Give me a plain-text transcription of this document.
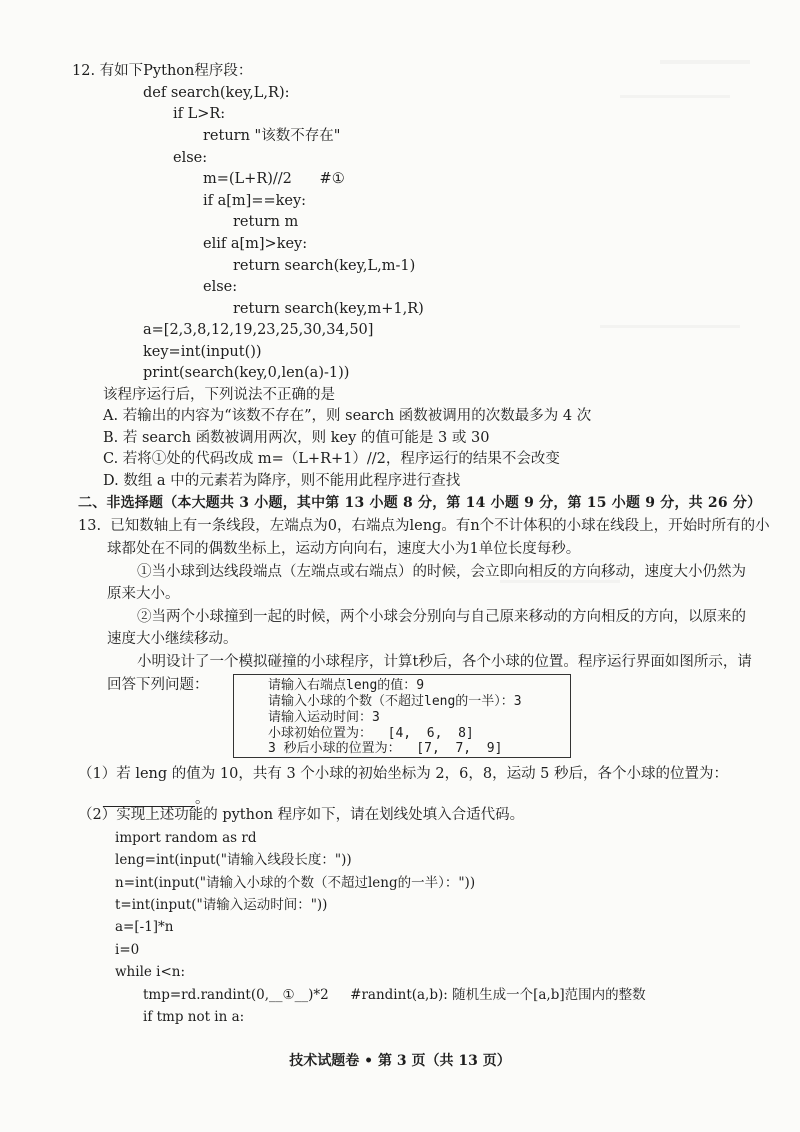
12. 有如下Python程序段：
def search(key,L,R):
if L>R:
return "该数不存在"
else:
m=(L+R)//2      #①
if a[m]==key:
return m
elif a[m]>key:
return search(key,L,m-1)
else:
return search(key,m+1,R)
a=[2,3,8,12,19,23,25,30,34,50]
key=int(input())
print(search(key,0,len(a)-1))
该程序运行后，下列说法不正确的是
A. 若输出的内容为“该数不存在”，则 search 函数被调用的次数最多为 4 次
B. 若 search 函数被调用两次，则 key 的值可能是 3 或 30
C. 若将①处的代码改成 m=（L+R+1）//2，程序运行的结果不会改变
D. 数组 a 中的元素若为降序，则不能用此程序进行查找
二、非选择题（本大题共 3 小题，其中第 13 小题 8 分，第 14 小题 9 分，第 15 小题 9 分，共 26 分）
13.  已知数轴上有一条线段，左端点为0，右端点为leng。有n个不计体积的小球在线段上，开始时所有的小
球都处在不同的偶数坐标上，运动方向向右，速度大小为1单位长度每秒。
①当小球到达线段端点（左端点或右端点）的时候，会立即向相反的方向移动，速度大小仍然为
原来大小。
②当两个小球撞到一起的时候，两个小球会分别向与自己原来移动的方向相反的方向，以原来的
速度大小继续移动。
小明设计了一个模拟碰撞的小球程序，计算t秒后，各个小球的位置。程序运行界面如图所示，请
回答下列问题：	请输入右端点leng的值：9
请输入小球的个数（不超过leng的一半）：3
请输入运动时间：3
小球初始位置为：  [4,  6,  8]
3 秒后小球的位置为：  [7,  7,  9]
（1）若 leng 的值为 10，共有 3 个小球的初始坐标为 2，6，8，运动 5 秒后，各个小球的位置为：
。
（2）实现上述功能的 python 程序如下，请在划线处填入合适代码。
import random as rd
leng=int(input("请输入线段长度："))
n=int(input("请输入小球的个数（不超过leng的一半）："))
t=int(input("请输入运动时间："))
a=[-1]*n
i=0
while i<n:
tmp=rd.randint(0,__①__)*2     #randint(a,b): 随机生成一个[a,b]范围内的整数
if tmp not in a:
技术试题卷 • 第 3 页（共 13 页）
